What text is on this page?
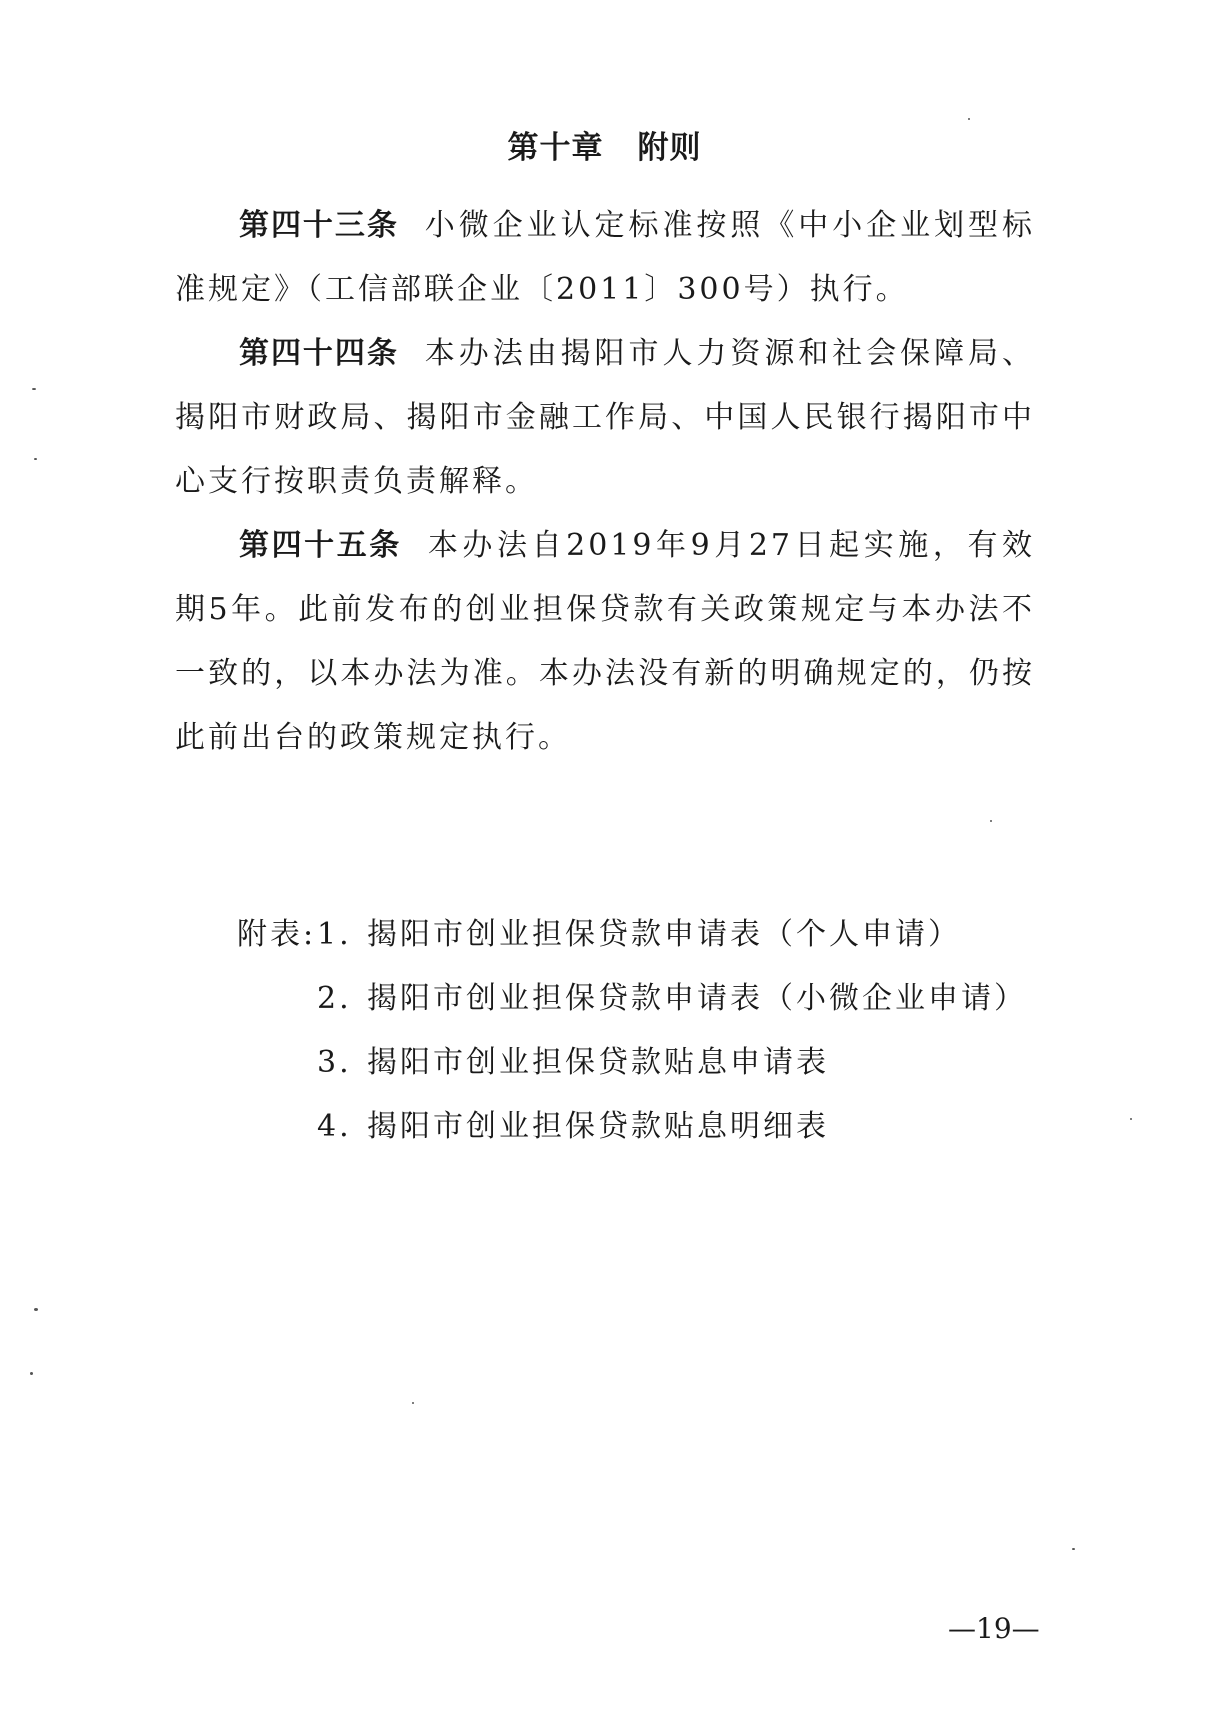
第十章 附则

第四十三条 小微企业认定标准按照《中小企业划型标准规定》（工信部联企业〔2011〕300号）执行。

第四十四条 本办法由揭阳市人力资源和社会保障局、揭阳市财政局、揭阳市金融工作局、中国人民银行揭阳市中心支行按职责负责解释。

第四十五条 本办法自2019年9月27日起实施，有效期5年。此前发布的创业担保贷款有关政策规定与本办法不一致的，以本办法为准。本办法没有新的明确规定的，仍按此前出台的政策规定执行。

附表:1. 揭阳市创业担保贷款申请表（个人申请）
2. 揭阳市创业担保贷款申请表（小微企业申请）
3. 揭阳市创业担保贷款贴息申请表
4. 揭阳市创业担保贷款贴息明细表
—19—
